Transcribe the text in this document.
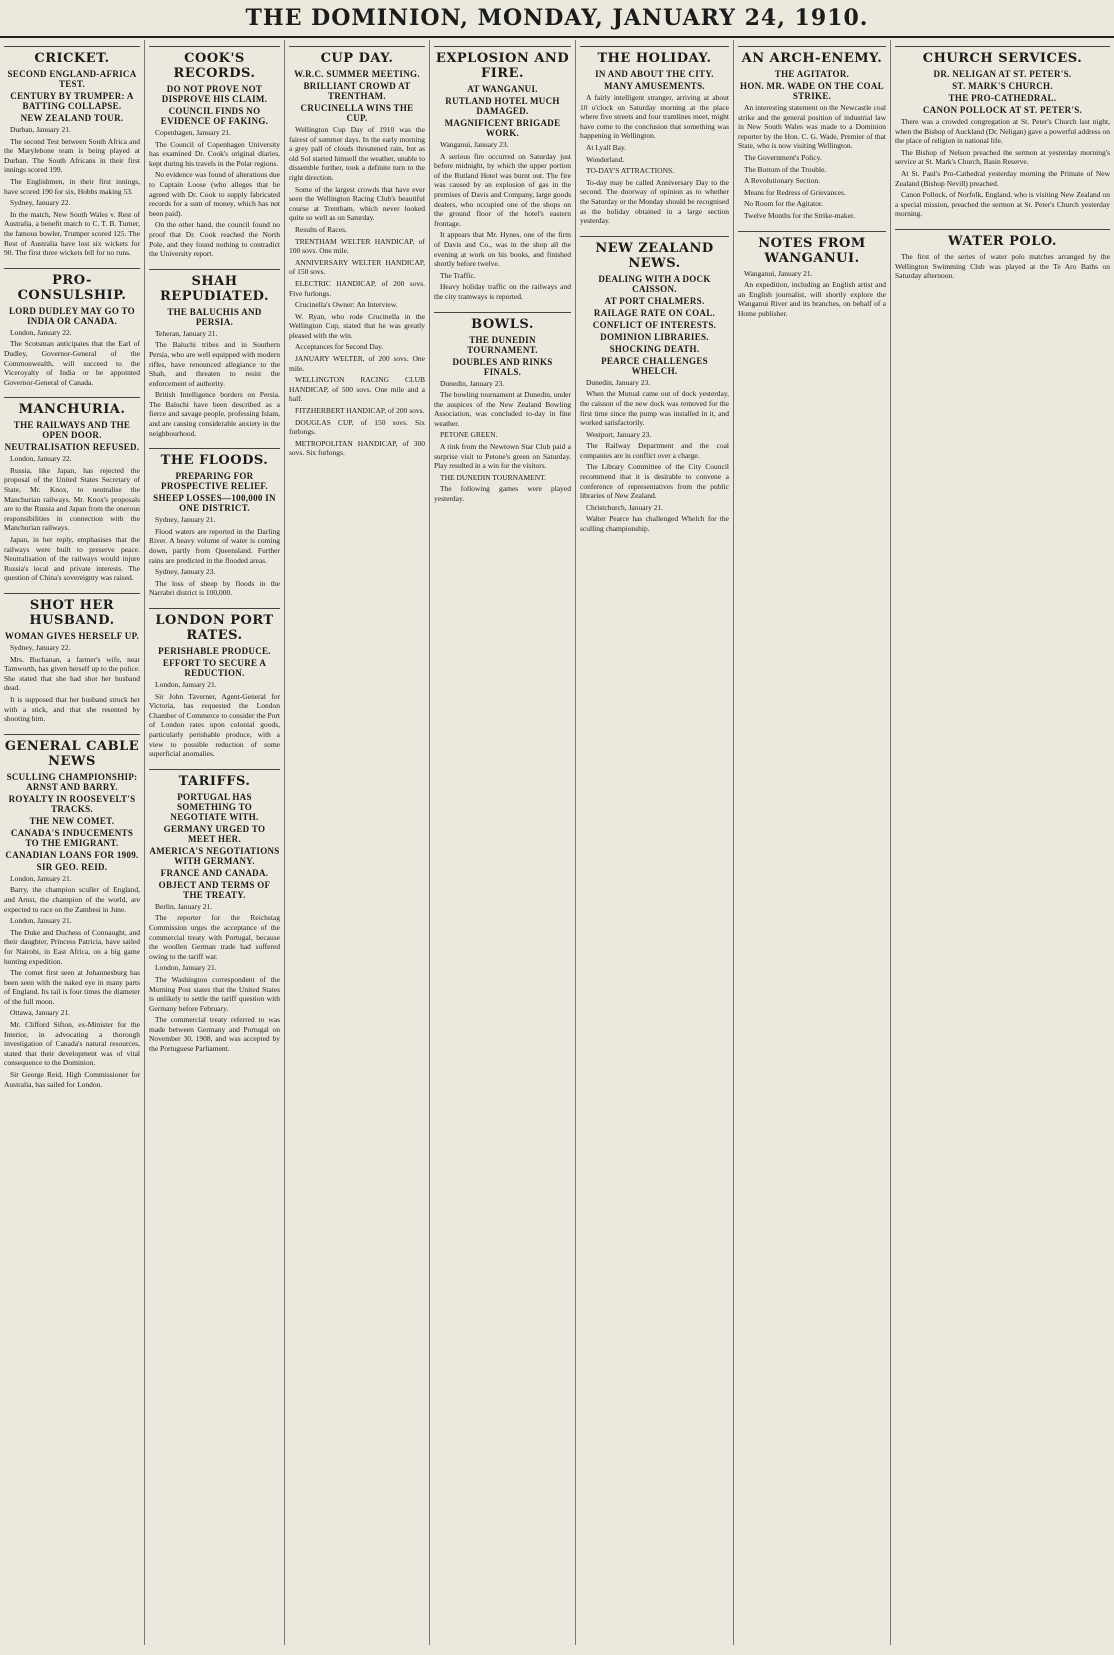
THE DOMINION, MONDAY, JANUARY 24, 1910.
CRICKET.
SECOND ENGLAND-AFRICA TEST.
CENTURY BY TRUMPER: A BATTING COLLAPSE.
NEW ZEALAND TOUR.

Durban, January 21.

The second Test between South Africa and the Marylebone team is being played at Durban. The South Africans in their first innings scored 199.

The Englishmen, in their first innings, have scored 190 for six, Hobbs making 53.

Sydney, January 22.

In the match, New South Wales v. Rest of Australia, a benefit match to C. T. B. Turner, the famous bowler, Trumper scored 125. The Rest of Australia have lost six wickets for 90. The first three wickets fell for no runs.

PRO-CONSULSHIP.
LORD DUDLEY MAY GO TO INDIA OR CANADA.

London, January 22.

The Scotsman anticipates that the Earl of Dudley, Governor-General of the Commonwealth, will succeed to the Viceroyalty of India or be appointed Governor-General of Canada.

MANCHURIA.
THE RAILWAYS AND THE OPEN DOOR.
NEUTRALISATION REFUSED.

London, January 22.

Russia, like Japan, has rejected the proposal of the United States Secretary of State, Mr. Knox, to neutralise the Manchurian railways. Mr. Knox's proposals are to the Russia and Japan from the onerous responsibilities in connection with the Manchurian railways.

Japan, in her reply, emphasises that the railways were built to preserve peace. Neutralisation of the railways would injure Russia's local and private interests. The question of China's sovereignty was raised.

SHOT HER HUSBAND.
WOMAN GIVES HERSELF UP.

Sydney, January 22.

Mrs. Buchanan, a farmer's wife, near Tamworth, has given herself up to the police. She stated that she had shot her husband dead.

It is supposed that her husband struck her with a stick, and that she resented by shooting him.

GENERAL CABLE NEWS
SCULLING CHAMPIONSHIP: ARNST AND BARRY.
ROYALTY IN ROOSEVELT'S TRACKS.
THE NEW COMET.
CANADA'S INDUCEMENTS TO THE EMIGRANT.
CANADIAN LOANS FOR 1909.
SIR GEO. REID.

London, January 21.

Barry, the champion sculler of England, and Arnst, the champion of the world, are expected to race on the Zambesi in June.

London, January 21.

The Duke and Duchess of Connaught, and their daughter, Princess Patricia, have sailed for Nairobi, in East Africa, on a big game hunting expedition.

The comet first seen at Johannesburg has been seen with the naked eye in many parts of England. Its tail is four times the diameter of the full moon.

Ottawa, January 21.

Mr. Clifford Sifton, ex-Minister for the Interior, in advocating a thorough investigation of Canada's natural resources, stated that their development was of vital consequence to the Dominion.

Sir George Reid, High Commissioner for Australia, has sailed for London.

COOK'S RECORDS.
DO NOT PROVE NOT DISPROVE HIS CLAIM.
COUNCIL FINDS NO EVIDENCE OF FAKING.

Copenhagen, January 21.

The Council of Copenhagen University has examined Dr. Cook's original diaries, kept during his travels in the Polar regions.

No evidence was found of alterations due to Captain Loose (who alleges that he agreed with Dr. Cook to supply fabricated records for a sum of money, which has not been paid).

On the other hand, the council found no proof that Dr. Cook reached the North Pole, and they found nothing to contradict the University report.

SHAH REPUDIATED.
THE BALUCHIS AND PERSIA.

Teheran, January 21.

The Baluchi tribes and in Southern Persia, who are well equipped with modern rifles, have renounced allegiance to the Shah, and threaten to resist the enforcement of authority.

British Intelligence borders on Persia. The Baluchi have been described as a fierce and savage people, professing Islam, and are causing considerable anxiety in the neighbourhood.

THE FLOODS.
PREPARING FOR PROSPECTIVE RELIEF.
SHEEP LOSSES—100,000 IN ONE DISTRICT.

Sydney, January 21.

Flood waters are reported in the Darling River. A heavy volume of water is coming down, partly from Queensland. Further rains are predicted in the flooded areas.

Sydney, January 23.

The loss of sheep by floods in the Narrabri district is 100,000.

LONDON PORT RATES.
PERISHABLE PRODUCE.
EFFORT TO SECURE A REDUCTION.

London, January 21.

Sir John Taverner, Agent-General for Victoria, has requested the London Chamber of Commerce to consider the Port of London rates upon colonial goods, particularly perishable produce, with a view to possible reduction of some superficial anomalies.

TARIFFS.
PORTUGAL HAS SOMETHING TO NEGOTIATE WITH.
GERMANY URGED TO MEET HER.
AMERICA'S NEGOTIATIONS WITH GERMANY.
FRANCE AND CANADA.
OBJECT AND TERMS OF THE TREATY.

Berlin, January 21.

The reporter for the Reichstag Commission urges the acceptance of the commercial treaty with Portugal, because the woollen German trade had suffered owing to the tariff war.

London, January 21.

The Washington correspondent of the Morning Post states that the United States is unlikely to settle the tariff question with Germany before February.

The commercial treaty referred to was made between Germany and Portugal on November 30, 1908, and was accepted by the Portuguese Parliament.

CUP DAY.
W.R.C. SUMMER MEETING.
BRILLIANT CROWD AT TRENTHAM.
CRUCINELLA WINS THE CUP.

Wellington Cup Day of 1910 was the fairest of summer days. In the early morning a grey pall of clouds threatened rain, but as old Sol started himself the weather, unable to dissemble further, took a definite turn to the right direction.

Some of the largest crowds that have ever seen the Wellington Racing Club's beautiful course at Trentham, which never looked quite so well as on Saturday.

Results of Races.

TRENTHAM WELTER HANDICAP, of 100 sovs. One mile.

ANNIVERSARY WELTER HANDICAP, of 150 sovs.

ELECTRIC HANDICAP, of 200 sovs. Five furlongs.

Crucinella's Owner: An Interview.

W. Ryan, who rode Crucinella in the Wellington Cup, stated that he was greatly pleased with the win.

Acceptances for Second Day.

JANUARY WELTER, of 200 sovs. One mile.

WELLINGTON RACING CLUB HANDICAP, of 500 sovs. One mile and a half.

FITZHERBERT HANDICAP, of 200 sovs.

DOUGLAS CUP, of 150 sovs. Six furlongs.

METROPOLITAN HANDICAP, of 300 sovs. Six furlongs.

EXPLOSION AND FIRE.
AT WANGANUI.
RUTLAND HOTEL MUCH DAMAGED.
MAGNIFICENT BRIGADE WORK.

Wanganui, January 23.

A serious fire occurred on Saturday just before midnight, by which the upper portion of the Rutland Hotel was burnt out. The fire was caused by an explosion of gas in the premises of Davis and Company, large goods dealers, who occupied one of the shops on the ground floor of the hotel's eastern frontage.

It appears that Mr. Hynes, one of the firm of Davis and Co., was in the shop all the evening at work on his books, and finished shortly before twelve.

The Traffic.

Heavy holiday traffic on the railways and the city tramways is reported.

BOWLS.
THE DUNEDIN TOURNAMENT.
DOUBLES AND RINKS FINALS.

Dunedin, January 23.

The bowling tournament at Dunedin, under the auspices of the New Zealand Bowling Association, was concluded to-day in fine weather.

PETONE GREEN.

A rink from the Newtown Star Club paid a surprise visit to Petone's green on Saturday. Play resulted in a win for the visitors.

THE DUNEDIN TOURNAMENT.

The following games were played yesterday.

THE HOLIDAY.
IN AND ABOUT THE CITY.
MANY AMUSEMENTS.

A fairly intelligent stranger, arriving at about 10 o'clock on Saturday morning at the place where five streets and four tramlines meet, might have come to the conclusion that something was happening in Wellington.

At Lyall Bay.

Wonderland.

TO-DAY'S ATTRACTIONS.

To-day may be called Anniversary Day to the second. The doorway of opinion as to whether the Saturday or the Monday should be recognised as the holiday obtained in a large section yesterday.

NEW ZEALAND NEWS.
DEALING WITH A DOCK CAISSON.
AT PORT CHALMERS.
RAILAGE RATE ON COAL.
CONFLICT OF INTERESTS.
DOMINION LIBRARIES.
SHOCKING DEATH.
PEARCE CHALLENGES WHELCH.

Dunedin, January 23.

When the Mutual came out of dock yesterday, the caisson of the new dock was removed for the first time since the pump was installed in it, and worked satisfactorily.

Westport, January 23.

The Railway Department and the coal companies are in conflict over a charge.

The Library Committee of the City Council recommend that it is desirable to convene a conference of representatives from the public libraries of New Zealand.

Christchurch, January 21.

Walter Pearce has challenged Whelch for the sculling championship.

AN ARCH-ENEMY.
THE AGITATOR.
HON. MR. WADE ON THE COAL STRIKE.

An interesting statement on the Newcastle coal strike and the general position of industrial law in New South Wales was made to a Dominion reporter by the Hon. C. G. Wade, Premier of that State, who is now visiting Wellington.

The Government's Policy.

The Bottom of the Trouble.

A Revolutionary Section.

Means for Redress of Grievances.

No Room for the Agitator.

Twelve Months for the Strike-maker.

NOTES FROM WANGANUI.

Wanganui, January 21.

An expedition, including an English artist and an English journalist, will shortly explore the Wanganui River and its branches, on behalf of a Home publisher.

CHURCH SERVICES.
DR. NELIGAN AT ST. PETER'S.
ST. MARK'S CHURCH.
THE PRO-CATHEDRAL.
CANON POLLOCK AT ST. PETER'S.

There was a crowded congregation at St. Peter's Church last night, when the Bishop of Auckland (Dr. Neligan) gave a powerful address on the place of religion in national life.

The Bishop of Nelson preached the sermon at yesterday morning's service at St. Mark's Church, Basin Reserve.

At St. Paul's Pro-Cathedral yesterday morning the Primate of New Zealand (Bishop Nevill) preached.

Canon Pollock, of Norfolk, England, who is visiting New Zealand on a special mission, preached the sermon at St. Peter's Church yesterday morning.

WATER POLO.

The first of the series of water polo matches arranged by the Wellington Swimming Club was played at the Te Aro Baths on Saturday afternoon.
